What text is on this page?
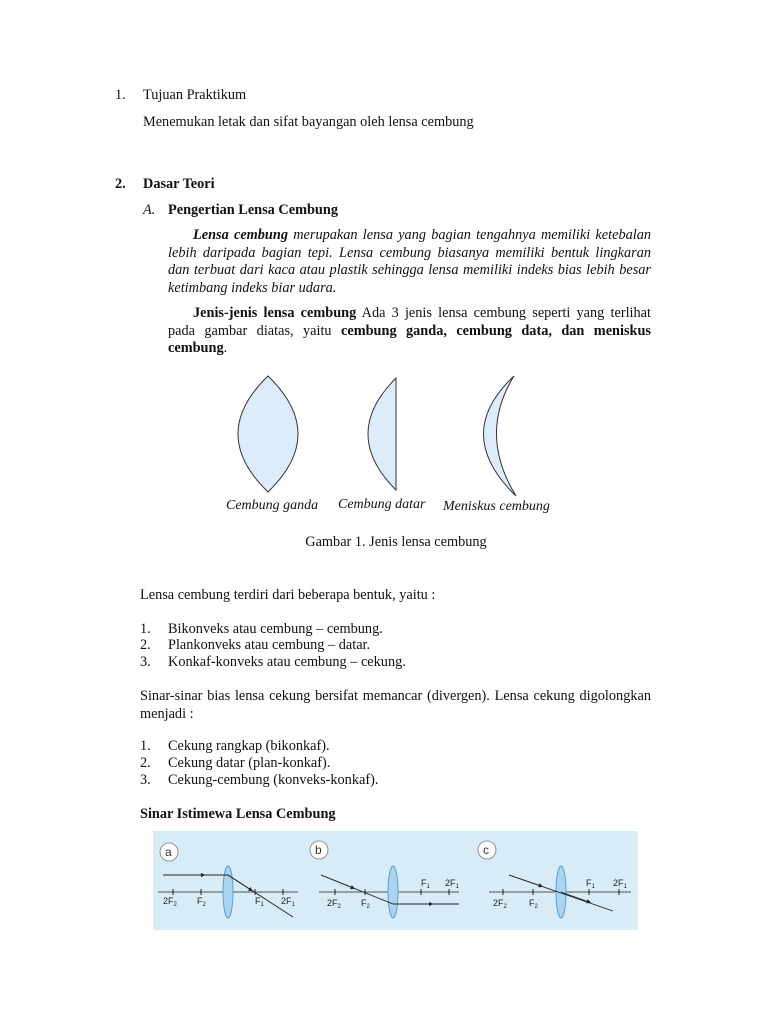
1. Tujuan Praktikum
Menemukan letak dan sifat bayangan oleh lensa cembung
2. Dasar Teori
A. Pengertian Lensa Cembung
Lensa cembung merupakan lensa yang bagian tengahnya memiliki ketebalan lebih daripada bagian tepi. Lensa cembung biasanya memiliki bentuk lingkaran dan terbuat dari kaca atau plastik sehingga lensa memiliki indeks bias lebih besar ketimbang indeks biar udara.
Jenis-jenis lensa cembung Ada 3 jenis lensa cembung seperti yang terlihat pada gambar diatas, yaitu cembung ganda, cembung data, dan meniskus cembung.
Cembung ganda Cembung datar Meniskus cembung
Gambar 1. Jenis lensa cembung
Lensa cembung terdiri dari beberapa bentuk, yaitu :
1. Bikonveks atau cembung – cembung.
2. Plankonveks atau cembung – datar.
3. Konkaf-konveks atau cembung – cekung.
Sinar-sinar bias lensa cekung bersifat memancar (divergen). Lensa cekung digolongkan menjadi :
1. Cekung rangkap (bikonkaf).
2. Cekung datar (plan-konkaf).
3. Cekung-cembung (konveks-konkaf).
Sinar Istimewa Lensa Cembung
a
$2F_2$ $F_2$	$F_1$ $2F_1$
b
$F_1$ $2F_1$
$2F_2$ $F_2$
c
$F_1$ $2F_1$
$2F_2$ $F_2$
